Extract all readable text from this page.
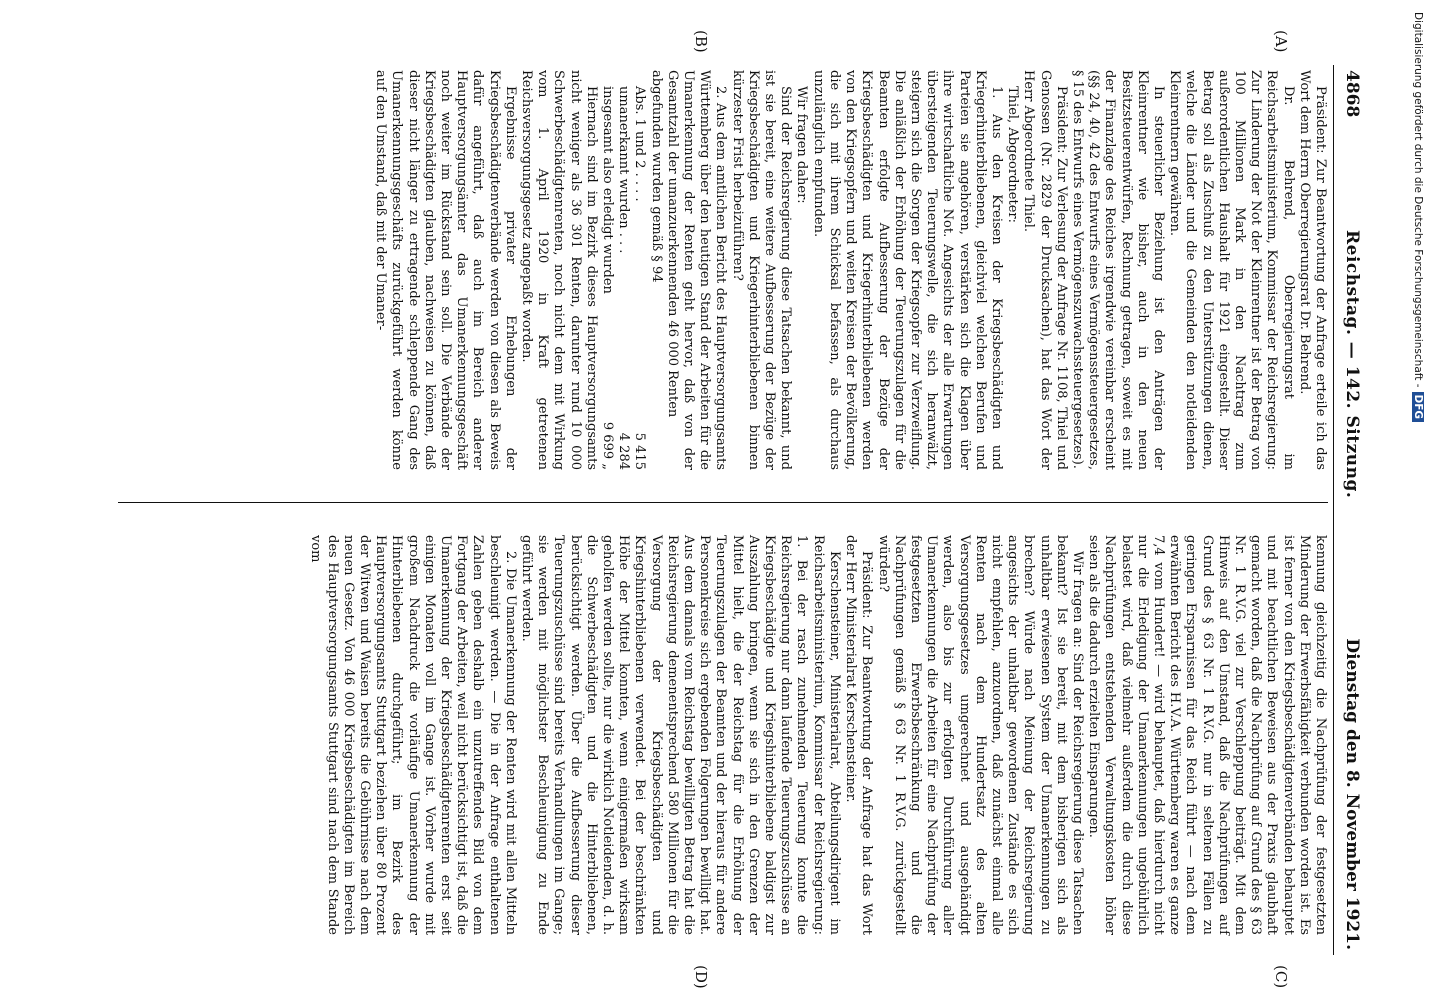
4868
Reichstag. — 142. Sitzung.
Dienstag den 8. November 1921.
(A)
(B)
(C)
(D)

Präsident: Zur Beantwortung der Anfrage erteile ich das Wort dem Herrn Oberregierungsrat Dr. Behrend.

Dr. Behrend, Oberregierungsrat im Reichsarbeitsministerium, Kommissar der Reichsregierung: Zur Linderung der Not der Kleinrentner ist der Betrag von 100 Millionen Mark in den Nachtrag zum außerordentlichen Haushalt für 1921 eingestellt. Dieser Betrag soll als Zuschuß zu den Unterstützungen dienen, welche die Länder und die Gemeinden den notleidenden Kleinrentnern gewähren.

In steuerlicher Beziehung ist den Anträgen der Kleinrentner wie bisher, auch in den neuen Besitzsteuerentwürfen, Rechnung getragen, soweit es mit der Finanzlage des Reiches irgendwie vereinbar erscheint (§§ 24, 40, 42 des Entwurfs eines Vermögenssteuergesetzes, § 15 des Entwurfs eines Vermögenszuwachssteuergesetzes).

Präsident: Zur Verlesung der Anfrage Nr. 1108, Thiel und Genossen (Nr. 2829 der Drucksachen), hat das Wort der Herr Abgeordnete Thiel.

Thiel, Abgeordneter:

1. Aus den Kreisen der Kriegsbeschädigten und Kriegerhinterbliebenen, gleichviel welchen Berufen und Parteien sie angehören, verstärken sich die Klagen über ihre wirtschaftliche Not. Angesichts der alle Erwartungen übersteigenden Teuerungswelle, die sich heranwälzt, steigern sich die Sorgen der Kriegsopfer zur Verzweiflung. Die anläßlich der Erhöhung der Teuerungszulagen für die Beamten erfolgte Aufbesserung der Bezüge der Kriegsbeschädigten und Kriegerhinterbliebenen werden von den Kriegsopfern und weiten Kreisen der Bevölkerung, die sich mit ihrem Schicksal befassen, als durchaus unzulänglich empfunden.

Wir fragen daher:

Sind der Reichsregierung diese Tatsachen bekannt, und ist sie bereit, eine weitere Aufbesserung der Bezüge der Kriegsbeschädigten und Kriegerhinterbliebenen binnen kürzester Frist herbeizuführen?

2. Aus dem amtlichen Bericht des Hauptversorgungsamts Württemberg über den heutigen Stand der Arbeiten für die Umanerkennung der Renten geht hervor, daß von der Gesamtzahl der umanzuerkennenden 46 000 Renten

abgefunden wurden gemäß § 94

Abs. 1 und 2 . . . .
5 415
umanerkannt wurden . . .
4 284
insgesamt also erledigt wurden
9 699 „

Hiernach sind im Bezirk dieses Hauptversorgungsamts nicht weniger als 36 301 Renten, darunter rund 10 000 Schwerbeschädigtenrenten, noch nicht dem mit Wirkung vom 1. April 1920 in Kraft getretenen Reichsversorgungsgesetz angepaßt worden.

Ergebnisse privater Erhebungen der Kriegsbeschädigtenverbände werden von diesen als Beweis dafür angeführt, daß auch im Bereich anderer Hauptversorgungsämter das Umanerkennungsgeschäft noch weiter im Rückstand sein soll. Die Verbände der Kriegsbeschädigten glauben, nachweisen zu können, daß dieser nicht länger zu ertragende schleppende Gang des Umanerkennungsgeschäfts zurückgeführt werden könne auf den Umstand, daß mit der Umaner-

kennung gleichzeitig die Nachprüfung der festgesetzten Minderung der Erwerbsfähigkeit verbunden worden ist. Es ist ferner von den Kriegsbeschädigtenverbänden behauptet und mit beachtlichen Beweisen aus der Praxis glaubhaft gemacht worden, daß die Nachprüfung auf Grund des § 63 Nr. 1 R.V.G. viel zur Verschleppung beiträgt. Mit dem Hinweis auf den Umstand, daß die Nachprüfungen auf Grund des § 63 Nr. 1 R.V.G. nur in seltenen Fällen zu geringen Ersparnissen für das Reich führt — nach dem erwähnten Bericht des H.V.A. Württemberg waren es ganze 7,4 vom Hundert! — wird behauptet, daß hierdurch nicht nur die Erledigung der Umanerkennungen ungebührlich belastet wird, daß vielmehr außerdem die durch diese Nachprüfungen entstehenden Verwaltungskosten höher seien als die dadurch erzielten Einsparungen.

Wir fragen an: Sind der Reichsregierung diese Tatsachen bekannt? Ist sie bereit, mit dem bisherigen sich als unhaltbar erwiesenen System der Umanerkennungen zu brechen? Würde nach Meinung der Reichsregierung angesichts der unhaltbar gewordenen Zustände es sich nicht empfehlen, anzuordnen, daß zunächst einmal alle Renten nach dem Hundertsatz des alten Versorgungsgesetzes umgerechnet und ausgehändigt werden, also bis zur erfolgten Durchführung aller Umanerkennungen die Arbeiten für eine Nachprüfung der festgesetzten Erwerbsbeschränkung und die Nachprüfungen gemäß § 63 Nr. 1 R.V.G. zurückgestellt würden?

Präsident: Zur Beantwortung der Anfrage hat das Wort der Herr Ministerialrat Kerschensteiner.

Kerschensteiner, Ministerialrat, Abteilungsdirigent im Reichsarbeitsministerium, Kommissar der Reichsregierung: 1. Bei der rasch zunehmenden Teuerung konnte die Reichsregierung nur dann laufende Teuerungszuschüsse an Kriegsbeschädigte und Kriegshinterbliebene baldigst zur Auszahlung bringen, wenn sie sich in den Grenzen der Mittel hielt, die der Reichstag für die Erhöhung der Teuerungszulagen der Beamten und der hieraus für andere Personenkreise sich ergebenden Folgerungen bewilligt hat. Aus dem damals vom Reichstag bewilligten Betrag hat die Reichsregierung demenentsprechend 580 Millionen für die Versorgung der Kriegsbeschädigten und Kriegshinterbliebenen verwendet. Bei der beschränkten Höhe der Mittel konnten, wenn einigermaßen wirksam geholfen werden sollte, nur die wirklich Notleidenden, d. h. die Schwerbeschädigten und die Hinterbliebenen, berücksichtigt werden. Über die Aufbesserung dieser Teuerungszuschüsse sind bereits Verhandlungen im Gange; sie werden mit möglichster Beschleunigung zu Ende geführt werden.

2. Die Umanerkennung der Renten wird mit allen Mitteln beschleunigt werden. — Die in der Anfrage enthaltenen Zahlen geben deshalb ein unzutreffendes Bild von dem Fortgang der Arbeiten, weil nicht berücksichtigt ist, daß die Umanerkennung der Kriegsbeschädigtenrenten erst seit einigen Monaten voll im Gange ist. Vorher wurde mit großem Nachdruck die vorläufige Umanerkennung der Hinterbliebenen durchgeführt; im Bezirk des Hauptversorgungsamts Stuttgart beziehen über 80 Prozent der Witwen und Waisen bereits die Gebührnisse nach dem neuen Gesetz. Von 46 000 Kriegsbeschädigten im Bereich des Hauptversorgungsamts Stuttgart sind nach dem Stande vom

Digitalisierung gefördert durch die Deutsche Forschungsgemeinschaft -DFG
